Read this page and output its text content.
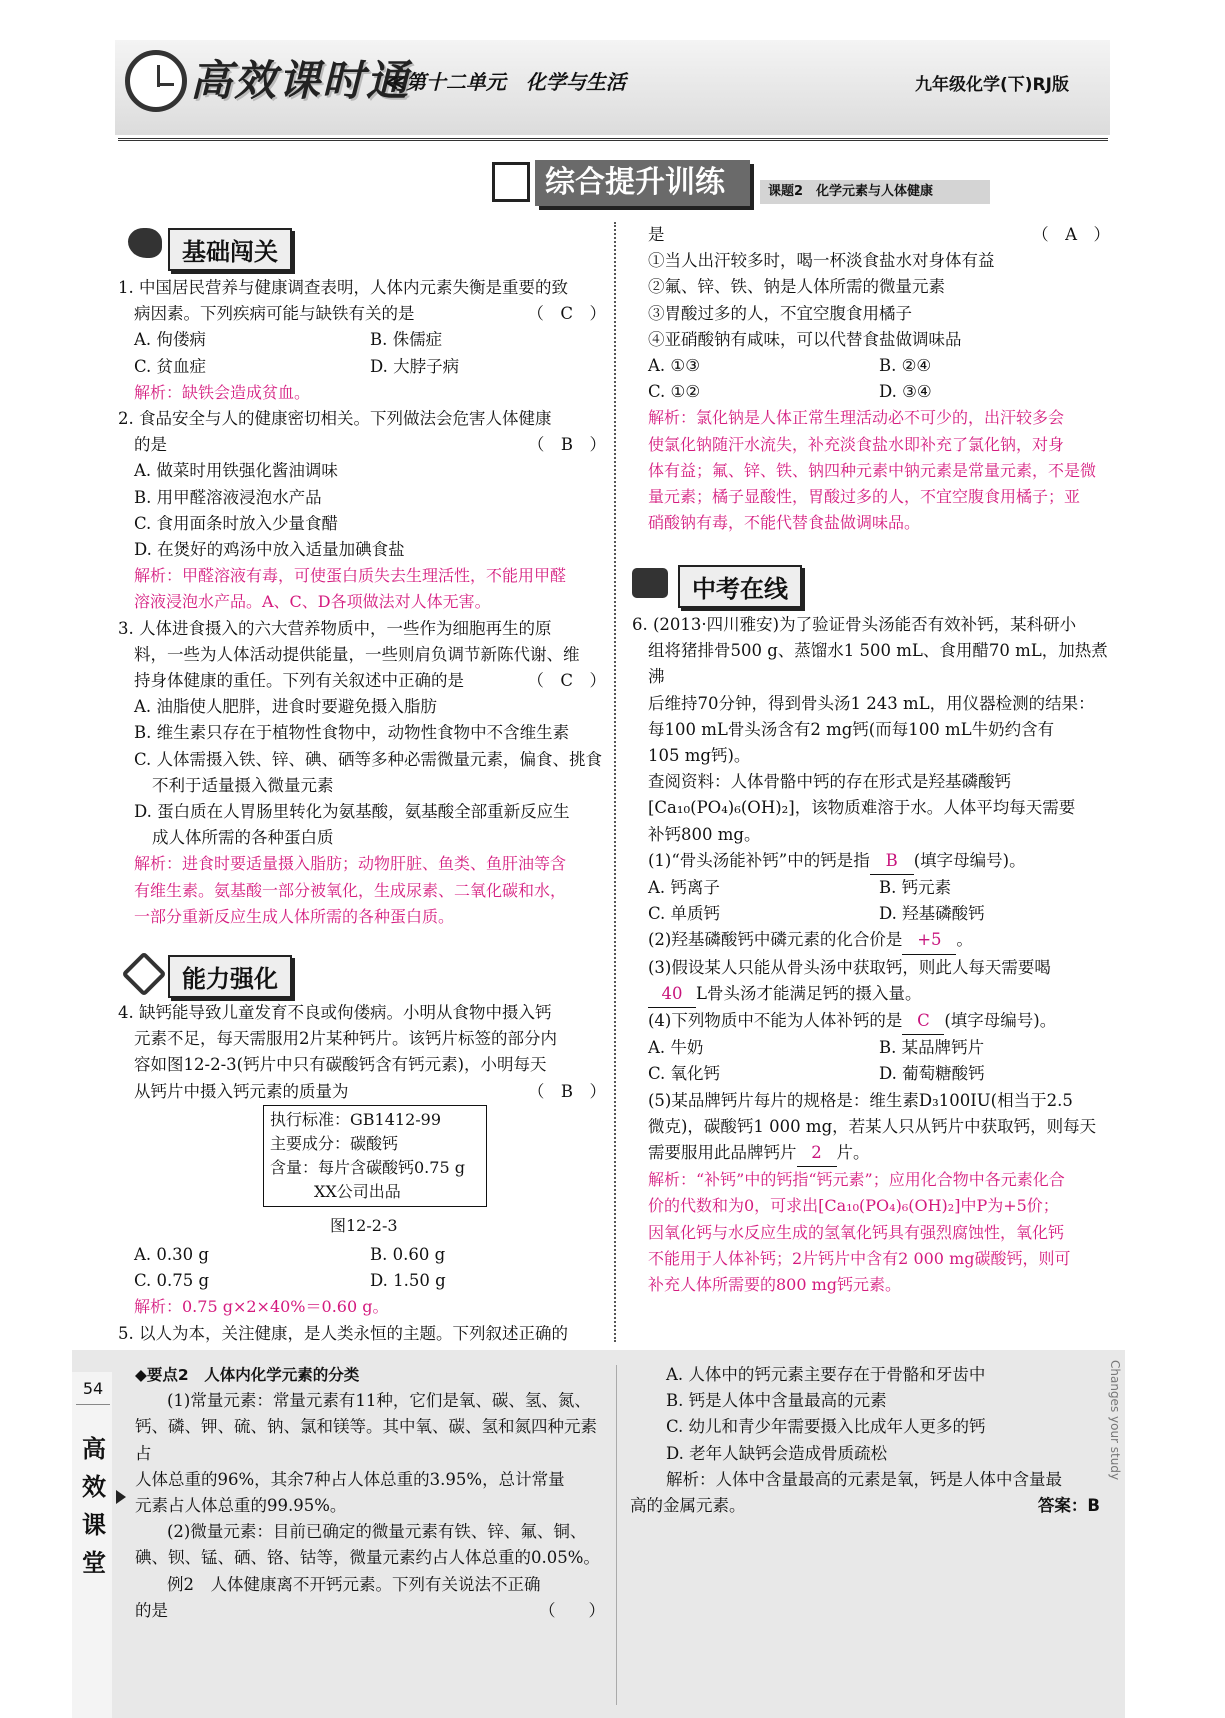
高效课时通
≪第十二单元　化学与生活	九年级化学(下)RJ版
综合提升训练	课题2　化学元素与人体健康
基础闯关

1. 中国居民营养与健康调查表明，人体内元素失衡是重要的致

病因素。下列疾病可能与缺铁有关的是	（　C　）

A. 佝偻病	B. 侏儒症
C. 贫血症	D. 大脖子病

解析：缺铁会造成贫血。

2. 食品安全与人的健康密切相关。下列做法会危害人体健康

的是	（　B　）

A. 做菜时用铁强化酱油调味

B. 用甲醛溶液浸泡水产品

C. 食用面条时放入少量食醋

D. 在煲好的鸡汤中放入适量加碘食盐

解析：甲醛溶液有毒，可使蛋白质失去生理活性，不能用甲醛

溶液浸泡水产品。A、C、D各项做法对人体无害。

3. 人体进食摄入的六大营养物质中，一些作为细胞再生的原

料，一些为人体活动提供能量，一些则肩负调节新陈代谢、维

持身体健康的重任。下列有关叙述中正确的是	（　C　）

A. 油脂使人肥胖，进食时要避免摄入脂肪

B. 维生素只存在于植物性食物中，动物性食物中不含维生素

C. 人体需摄入铁、锌、碘、硒等多种必需微量元素，偏食、挑食

不利于适量摄入微量元素

D. 蛋白质在人胃肠里转化为氨基酸，氨基酸全部重新反应生

成人体所需的各种蛋白质

解析：进食时要适量摄入脂肪；动物肝脏、鱼类、鱼肝油等含

有维生素。氨基酸一部分被氧化，生成尿素、二氧化碳和水，

一部分重新反应生成人体所需的各种蛋白质。

能力强化

4. 缺钙能导致儿童发育不良或佝偻病。小明从食物中摄入钙

元素不足，每天需服用2片某种钙片。该钙片标签的部分内

容如图12-2-3(钙片中只有碳酸钙含有钙元素)，小明每天

从钙片中摄入钙元素的质量为	（　B　）

执行标准：GB1412-99
主要成分：碳酸钙
含量：每片含碳酸钙0.75 g
XX公司出品
图12-2-3
A. 0.30 g	B. 0.60 g
C. 0.75 g	D. 1.50 g

解析：0.75 g×2×40%＝0.60 g。

5. 以人为本，关注健康，是人类永恒的主题。下列叙述正确的

是	（　A　）

①当人出汗较多时，喝一杯淡食盐水对身体有益

②氟、锌、铁、钠是人体所需的微量元素

③胃酸过多的人，不宜空腹食用橘子

④亚硝酸钠有咸味，可以代替食盐做调味品

A. ①③	B. ②④
C. ①②	D. ③④

解析：氯化钠是人体正常生理活动必不可少的，出汗较多会

使氯化钠随汗水流失，补充淡食盐水即补充了氯化钠，对身

体有益；氟、锌、铁、钠四种元素中钠元素是常量元素，不是微

量元素；橘子显酸性，胃酸过多的人，不宜空腹食用橘子；亚

硝酸钠有毒，不能代替食盐做调味品。

中考在线

6. (2013·四川雅安)为了验证骨头汤能否有效补钙，某科研小

组将猪排骨500 g、蒸馏水1 500 mL、食用醋70 mL，加热煮沸

后维持70分钟，得到骨头汤1 243 mL，用仪器检测的结果：

每100 mL骨头汤含有2 mg钙(而每100 mL牛奶约含有

105 mg钙)。

查阅资料：人体骨骼中钙的存在形式是羟基磷酸钙

[Ca₁₀(PO₄)₆(OH)₂]，该物质难溶于水。人体平均每天需要

补钙800 mg。

(1)“骨头汤能补钙”中的钙是指 B (填字母编号)。

A. 钙离子	B. 钙元素
C. 单质钙	D. 羟基磷酸钙

(2)羟基磷酸钙中磷元素的化合价是 +5 。

(3)假设某人只能从骨头汤中获取钙，则此人每天需要喝

40 L骨头汤才能满足钙的摄入量。

(4)下列物质中不能为人体补钙的是 C (填字母编号)。

A. 牛奶	B. 某品牌钙片
C. 氧化钙	D. 葡萄糖酸钙

(5)某品牌钙片每片的规格是：维生素D₃100IU(相当于2.5

微克)，碳酸钙1 000 mg，若某人只从钙片中获取钙，则每天

需要服用此品牌钙片 2 片。

解析：“补钙”中的钙指“钙元素”；应用化合物中各元素化合

价的代数和为0，可求出[Ca₁₀(PO₄)₆(OH)₂]中P为+5价；

因氧化钙与水反应生成的氢氧化钙具有强烈腐蚀性，氧化钙

不能用于人体补钙；2片钙片中含有2 000 mg碳酸钙，则可

补充人体所需要的800 mg钙元素。

54
高
效
课
堂
Changes your study

◆要点2　人体内化学元素的分类

(1)常量元素：常量元素有11种，它们是氧、碳、氢、氮、

钙、磷、钾、硫、钠、氯和镁等。其中氧、碳、氢和氮四种元素占

人体总重的96%，其余7种占人体总重的3.95%，总计常量

元素占人体总重的99.95%。

(2)微量元素：目前已确定的微量元素有铁、锌、氟、铜、

碘、钡、锰、硒、铬、钴等，微量元素约占人体总重的0.05%。

例2　人体健康离不开钙元素。下列有关说法不正确

的是	（　　）

A. 人体中的钙元素主要存在于骨骼和牙齿中

B. 钙是人体中含量最高的元素

C. 幼儿和青少年需要摄入比成年人更多的钙

D. 老年人缺钙会造成骨质疏松

解析：人体中含量最高的元素是氧，钙是人体中含量最

高的金属元素。	答案：B
